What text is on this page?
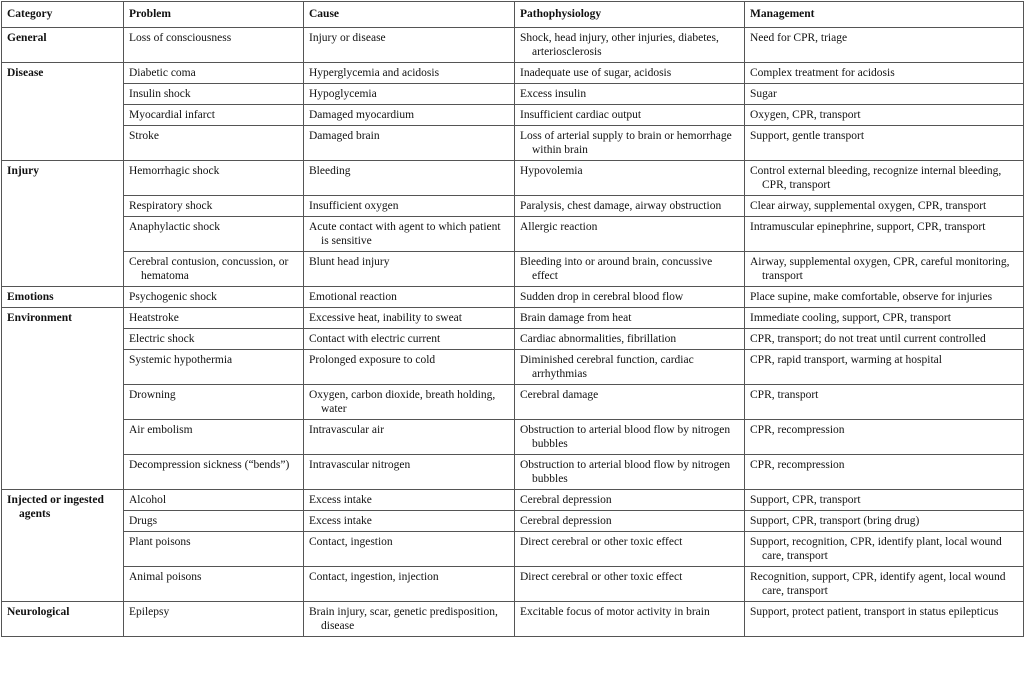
Category	Problem	Cause	Pathophysiology	Management

General	Loss of consciousness	Injury or disease	Shock, head injury, other injuries, diabetes, arteriosclerosis	Need for CPR, triage

Disease	Diabetic coma	Hyperglycemia and acidosis	Inadequate use of sugar, acidosis	Complex treatment for acidosis

	Insulin shock	Hypoglycemia	Excess insulin	Sugar

	Myocardial infarct	Damaged myocardium	Insufficient cardiac output	Oxygen, CPR, transport

	Stroke	Damaged brain	Loss of arterial supply to brain or hemorrhage within brain	Support, gentle transport

Injury	Hemorrhagic shock	Bleeding	Hypovolemia	Control external bleeding, recognize internal bleeding, CPR, transport

	Respiratory shock	Insufficient oxygen	Paralysis, chest damage, airway obstruction	Clear airway, supplemental oxygen, CPR, transport

	Anaphylactic shock	Acute contact with agent to which patient is sensitive	Allergic reaction	Intramuscular epinephrine, support, CPR, transport

	Cerebral contusion, concussion, or hematoma	Blunt head injury	Bleeding into or around brain, concussive effect	Airway, supplemental oxygen, CPR, careful monitoring, transport

Emotions	Psychogenic shock	Emotional reaction	Sudden drop in cerebral blood flow	Place supine, make comfortable, observe for injuries

Environment	Heatstroke	Excessive heat, inability to sweat	Brain damage from heat	Immediate cooling, support, CPR, transport

	Electric shock	Contact with electric current	Cardiac abnormalities, fibrillation	CPR, transport; do not treat until current controlled

	Systemic hypothermia	Prolonged exposure to cold	Diminished cerebral function, cardiac arrhythmias	CPR, rapid transport, warming at hospital

	Drowning	Oxygen, carbon dioxide, breath holding, water	Cerebral damage	CPR, transport

	Air embolism	Intravascular air	Obstruction to arterial blood flow by nitrogen bubbles	CPR, recompression

	Decompression sickness (“bends”)	Intravascular nitrogen	Obstruction to arterial blood flow by nitrogen bubbles	CPR, recompression

Injected or ingested agents	Alcohol	Excess intake	Cerebral depression	Support, CPR, transport

	Drugs	Excess intake	Cerebral depression	Support, CPR, transport (bring drug)

	Plant poisons	Contact, ingestion	Direct cerebral or other toxic effect	Support, recognition, CPR, identify plant, local wound care, transport

	Animal poisons	Contact, ingestion, injection	Direct cerebral or other toxic effect	Recognition, support, CPR, identify agent, local wound care, transport

Neurological	Epilepsy	Brain injury, scar, genetic predisposition, disease	Excitable focus of motor activity in brain	Support, protect patient, transport in status epilepticus
